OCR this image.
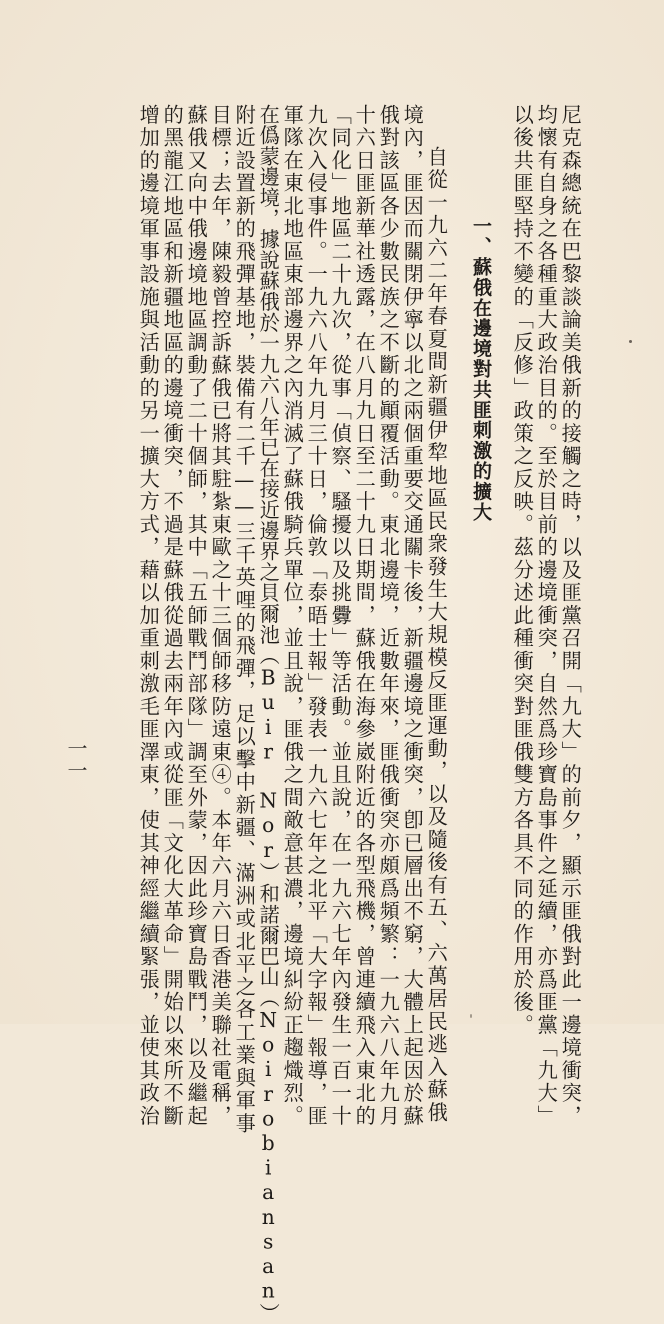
尼克森總統在巴黎談論美俄新的接觸之時，以及匪黨召開「九大」的前夕，顯示匪俄對此一邊境衝突，
均懷有自身之各種重大政治目的。至於目前的邊境衝突，自然爲珍寶島事件之延續，亦爲匪黨「九大」
以後共匪堅持不變的「反修」政策之反映。茲分述此種衝突對匪俄雙方各具不同的作用於後。
一、蘇俄在邊境對共匪刺激的擴大
自從一九六二年春夏間新疆伊犂地區民衆發生大規模反匪運動，以及隨後有五、六萬居民逃入蘇俄
境內，匪因而關閉伊寧以北之兩個重要交通關卡後，新疆邊境之衝突，卽已層出不窮，大體上起因於蘇
俄對該區各少數民族之不斷的顚覆活動。東北邊境，近數年來，匪俄衝突亦頗爲頻繁：一九六八年九月
十六日匪新華社透露，在八月九日至二十九日期間，蘇俄在海參崴附近的各型飛機，曾連續飛入東北的
「同化」地區二十九次，從事「偵察、騷擾以及挑釁」等活動。並且說，在一九六七年內發生一百一十
九次入侵事件。一九六八年九月三十日，倫敦「泰晤士報」發表一九六七年之北平「大字報」報導，匪
軍隊在東北地區東部邊界之內消滅了蘇俄騎兵單位，並且說，匪俄之間敵意甚濃，邊境糾紛正趨熾烈。
在僞蒙邊境，據說蘇俄於一九六八年已在接近邊界之貝爾池（Buir Nor）和諾爾巴山（Noirobiansan）
附近設置新的飛彈基地，裝備有二千——三千英哩的飛彈，足以擊中新疆、滿洲或北平之各工業與軍事
目標；去年，陳毅曾控訴蘇俄已將其駐紮東歐之十三個師移防遠東④。本年六月六日香港美聯社電稱，
蘇俄又向中俄邊境地區調動了二十個師，其中「五師戰鬥部隊」調至外蒙，因此珍寶島戰鬥，以及繼起
的黑龍江地區和新疆地區的邊境衝突，不過是蘇俄從過去兩年內或從匪「文化大革命」開始以來所不斷
增加的邊境軍事設施與活動的另一擴大方式，藉以加重刺激毛匪澤東，使其神經繼續緊張，並使其政治
一一
